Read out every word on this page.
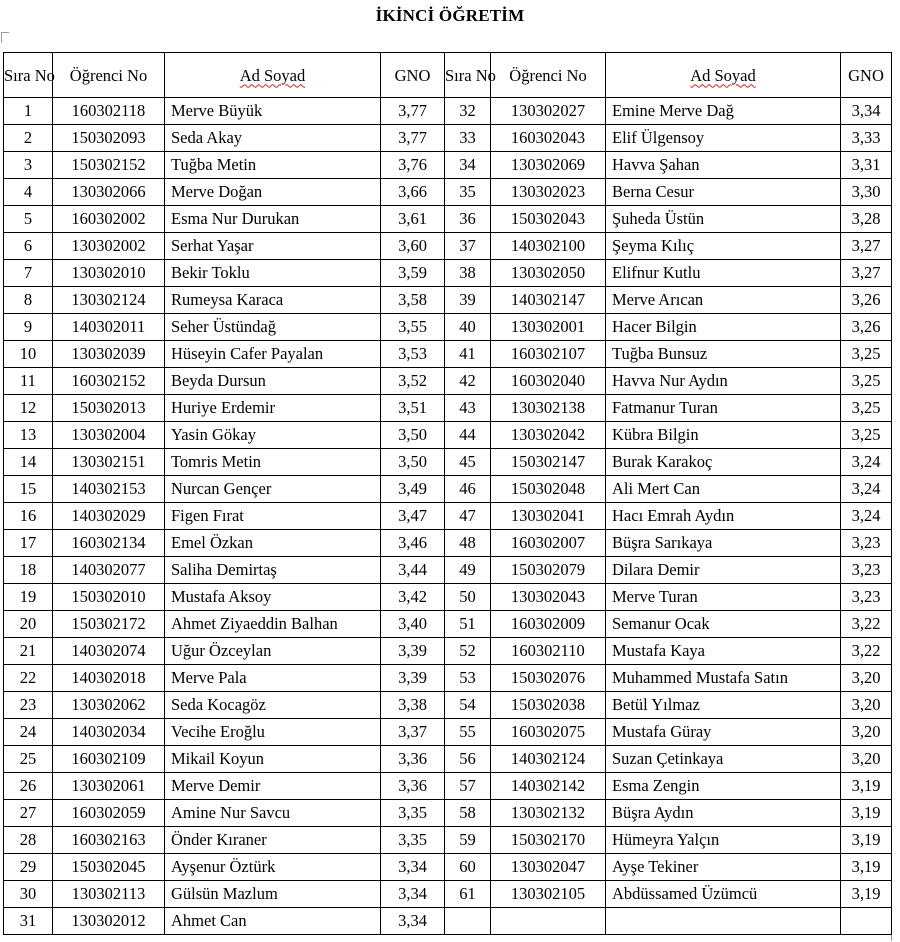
İKİNCİ ÖĞRETİM
Sıra No	Öğrenci No	Ad Soyad	GNO	Sıra No	Öğrenci No	Ad Soyad	GNO
1	160302118	Merve Büyük	3,77	32	130302027	Emine Merve Dağ	3,34
2	150302093	Seda Akay	3,77	33	160302043	Elif Ülgensoy	3,33
3	150302152	Tuğba Metin	3,76	34	130302069	Havva Şahan	3,31
4	130302066	Merve Doğan	3,66	35	130302023	Berna Cesur	3,30
5	160302002	Esma Nur Durukan	3,61	36	150302043	Şuheda Üstün	3,28
6	130302002	Serhat Yaşar	3,60	37	140302100	Şeyma Kılıç	3,27
7	130302010	Bekir Toklu	3,59	38	130302050	Elifnur Kutlu	3,27
8	130302124	Rumeysa Karaca	3,58	39	140302147	Merve Arıcan	3,26
9	140302011	Seher Üstündağ	3,55	40	130302001	Hacer Bilgin	3,26
10	130302039	Hüseyin Cafer Payalan	3,53	41	160302107	Tuğba Bunsuz	3,25
11	160302152	Beyda Dursun	3,52	42	160302040	Havva Nur Aydın	3,25
12	150302013	Huriye Erdemir	3,51	43	130302138	Fatmanur Turan	3,25
13	130302004	Yasin Gökay	3,50	44	130302042	Kübra Bilgin	3,25
14	130302151	Tomris Metin	3,50	45	150302147	Burak Karakoç	3,24
15	140302153	Nurcan Gençer	3,49	46	150302048	Ali Mert Can	3,24
16	140302029	Figen Fırat	3,47	47	130302041	Hacı Emrah Aydın	3,24
17	160302134	Emel Özkan	3,46	48	160302007	Büşra Sarıkaya	3,23
18	140302077	Saliha Demirtaş	3,44	49	150302079	Dilara Demir	3,23
19	150302010	Mustafa Aksoy	3,42	50	130302043	Merve Turan	3,23
20	150302172	Ahmet Ziyaeddin Balhan	3,40	51	160302009	Semanur Ocak	3,22
21	140302074	Uğur Özceylan	3,39	52	160302110	Mustafa Kaya	3,22
22	140302018	Merve Pala	3,39	53	150302076	Muhammed Mustafa Satın	3,20
23	130302062	Seda Kocagöz	3,38	54	150302038	Betül Yılmaz	3,20
24	140302034	Vecihe Eroğlu	3,37	55	160302075	Mustafa Güray	3,20
25	160302109	Mikail Koyun	3,36	56	140302124	Suzan Çetinkaya	3,20
26	130302061	Merve Demir	3,36	57	140302142	Esma Zengin	3,19
27	160302059	Amine Nur Savcu	3,35	58	130302132	Büşra Aydın	3,19
28	160302163	Önder Kıraner	3,35	59	150302170	Hümeyra Yalçın	3,19
29	150302045	Ayşenur Öztürk	3,34	60	130302047	Ayşe Tekiner	3,19
30	130302113	Gülsün Mazlum	3,34	61	130302105	Abdüssamed Üzümcü	3,19
31	130302012	Ahmet Can	3,34				
